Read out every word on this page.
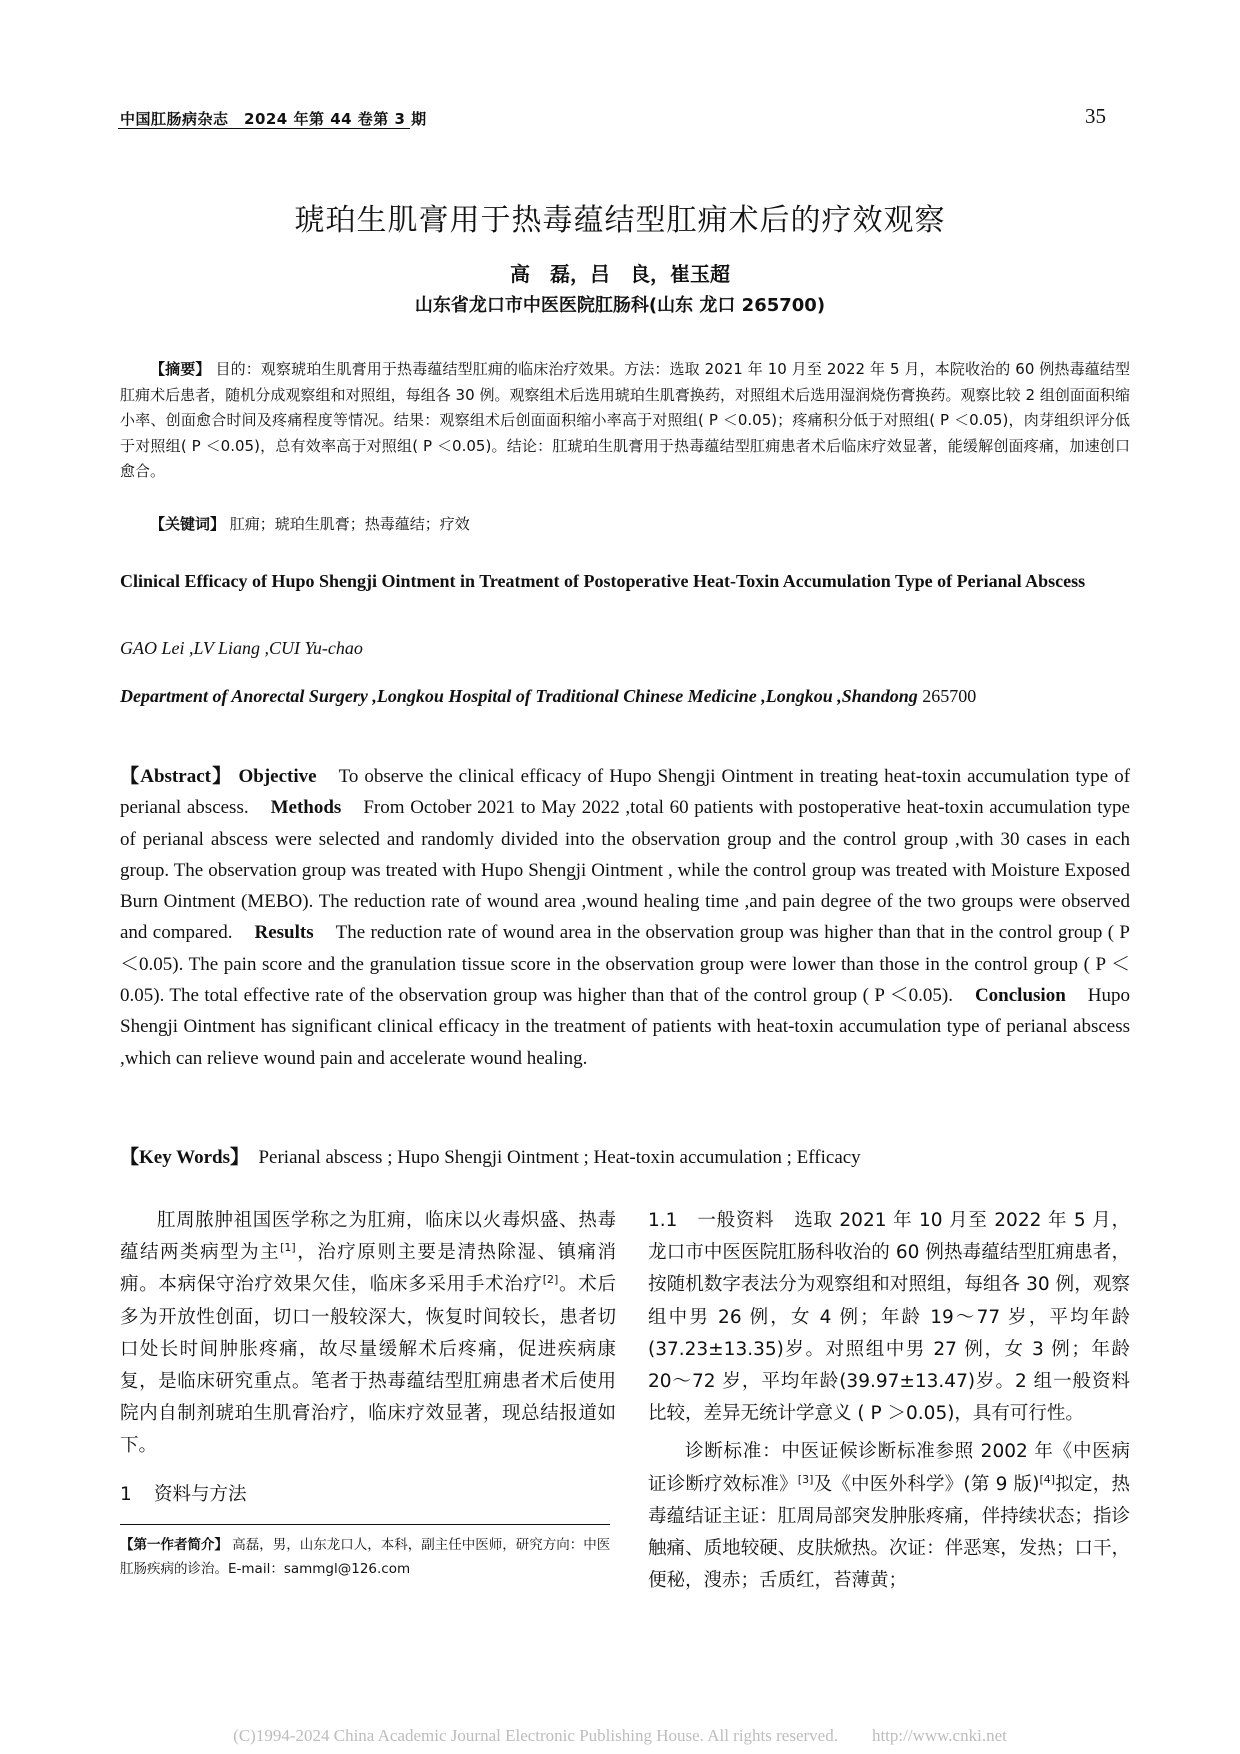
中国肛肠病杂志　2024 年第 44 卷第 3 期	35
琥珀生肌膏用于热毒蕴结型肛痈术后的疗效观察
高　磊，吕　良，崔玉超
山东省龙口市中医医院肛肠科(山东 龙口 265700)
【摘要】 目的：观察琥珀生肌膏用于热毒蕴结型肛痈的临床治疗效果。方法：选取 2021 年 10 月至 2022 年 5 月，本院收治的 60 例热毒蕴结型肛痈术后患者，随机分成观察组和对照组，每组各 30 例。观察组术后选用琥珀生肌膏换药，对照组术后选用湿润烧伤膏换药。观察比较 2 组创面面积缩小率、创面愈合时间及疼痛程度等情况。结果：观察组术后创面面积缩小率高于对照组( P ＜0.05)；疼痛积分低于对照组( P ＜0.05)，肉芽组织评分低于对照组( P ＜0.05)，总有效率高于对照组( P ＜0.05)。结论：肛琥珀生肌膏用于热毒蕴结型肛痈患者术后临床疗效显著，能缓解创面疼痛，加速创口愈合。
【关键词】 肛痈；琥珀生肌膏；热毒蕴结；疗效
Clinical Efficacy of Hupo Shengji Ointment in Treatment of Postoperative Heat-Toxin Accumulation Type of Perianal Abscess
GAO Lei ,LV Liang ,CUI Yu-chao
Department of Anorectal Surgery ,Longkou Hospital of Traditional Chinese Medicine ,Longkou ,Shandong 265700
【Abstract】 Objective To observe the clinical efficacy of Hupo Shengji Ointment in treating heat-toxin accumulation type of perianal abscess. Methods From October 2021 to May 2022 ,total 60 patients with postoperative heat-toxin accumulation type of perianal abscess were selected and randomly divided into the observation group and the control group ,with 30 cases in each group. The observation group was treated with Hupo Shengji Ointment , while the control group was treated with Moisture Exposed Burn Ointment (MEBO). The reduction rate of wound area ,wound healing time ,and pain degree of the two groups were observed and compared. Results The reduction rate of wound area in the observation group was higher than that in the control group ( P ＜0.05). The pain score and the granulation tissue score in the observation group were lower than those in the control group ( P ＜0.05). The total effective rate of the observation group was higher than that of the control group ( P ＜0.05). Conclusion Hupo Shengji Ointment has significant clinical efficacy in the treatment of patients with heat-toxin accumulation type of perianal abscess ,which can relieve wound pain and accelerate wound healing.
【Key Words】 Perianal abscess ; Hupo Shengji Ointment ; Heat-toxin accumulation ; Efficacy

肛周脓肿祖国医学称之为肛痈，临床以火毒炽盛、热毒蕴结两类病型为主[1]，治疗原则主要是清热除湿、镇痛消痈。本病保守治疗效果欠佳，临床多采用手术治疗[2]。术后多为开放性创面，切口一般较深大，恢复时间较长，患者切口处长时间肿胀疼痛，故尽量缓解术后疼痛，促进疾病康复，是临床研究重点。笔者于热毒蕴结型肛痈患者术后使用院内自制剂琥珀生肌膏治疗，临床疗效显著，现总结报道如下。

1 资料与方法
【第一作者简介】 高磊，男，山东龙口人，本科，副主任中医师，研究方向：中医肛肠疾病的诊治。E-mail：sammgl@126.com

1.1　一般资料 选取 2021 年 10 月至 2022 年 5 月，龙口市中医医院肛肠科收治的 60 例热毒蕴结型肛痈患者，按随机数字表法分为观察组和对照组，每组各 30 例，观察组中男 26 例，女 4 例；年龄 19～77 岁，平均年龄(37.23±13.35)岁。对照组中男 27 例，女 3 例；年龄 20～72 岁，平均年龄(39.97±13.47)岁。2 组一般资料比较，差异无统计学意义 ( P ＞0.05)，具有可行性。

诊断标准：中医证候诊断标准参照 2002 年《中医病证诊断疗效标准》[3]及《中医外科学》(第 9 版)[4]拟定，热毒蕴结证主证：肛周局部突发肿胀疼痛，伴持续状态；指诊触痛、质地较硬、皮肤焮热。次证：伴恶寒，发热；口干，便秘，溲赤；舌质红，苔薄黄；

(C)1994-2024 China Academic Journal Electronic Publishing House. All rights reserved.　　http://www.cnki.net
